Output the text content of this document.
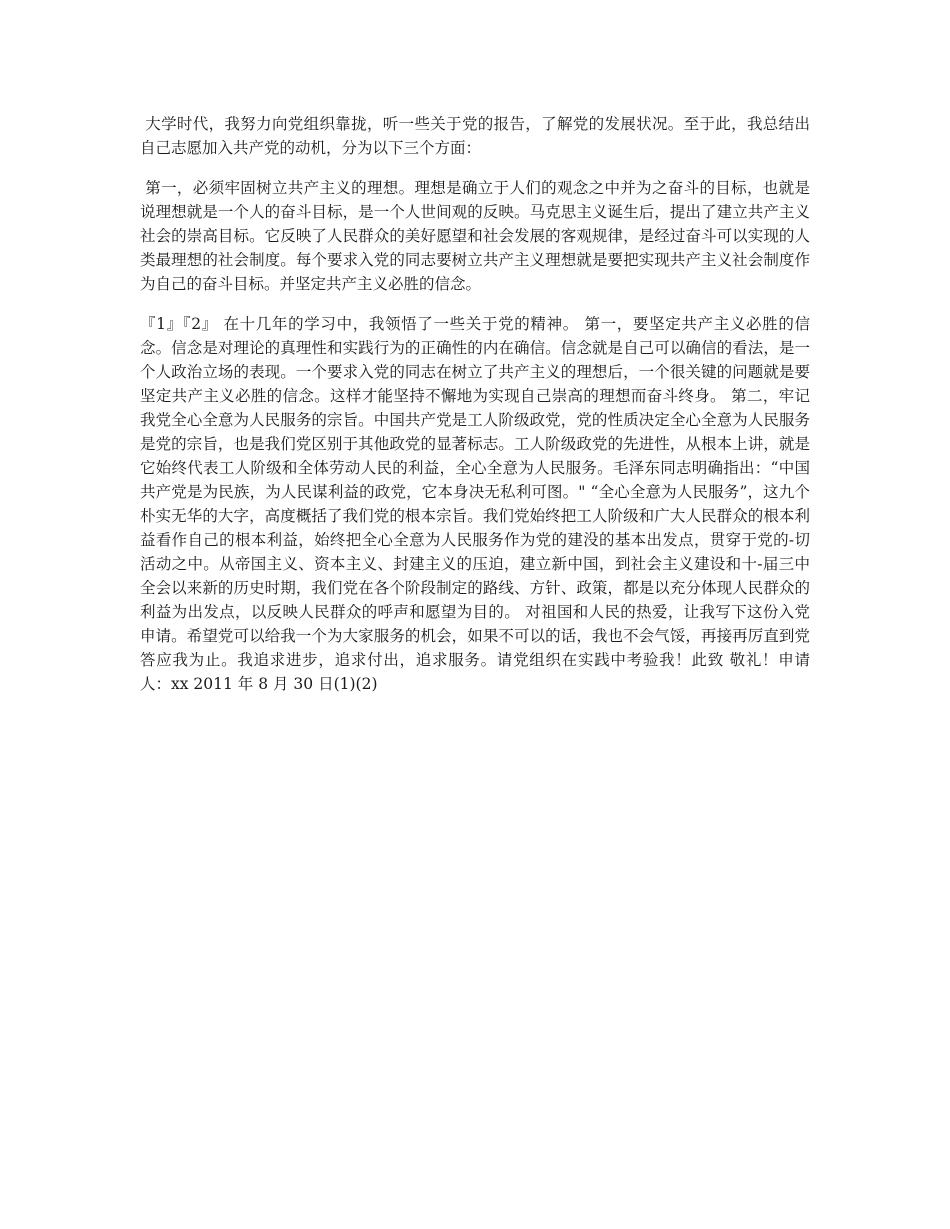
大学时代，我努力向党组织靠拢，听一些关于党的报告，了解党的发展状况。至于此，我总结出自己志愿加入共产党的动机，分为以下三个方面：

第一，必须牢固树立共产主义的理想。理想是确立于人们的观念之中并为之奋斗的目标，也就是说理想就是一个人的奋斗目标，是一个人世间观的反映。马克思主义诞生后，提出了建立共产主义社会的崇高目标。它反映了人民群众的美好愿望和社会发展的客观规律，是经过奋斗可以实现的人类最理想的社会制度。每个要求入党的同志要树立共产主义理想就是要把实现共产主义社会制度作为自己的奋斗目标。并坚定共产主义必胜的信念。

『1』『2』 在十几年的学习中，我领悟了一些关于党的精神。 第一，要坚定共产主义必胜的信念。信念是对理论的真理性和实践行为的正确性的内在确信。信念就是自己可以确信的看法，是一个人政治立场的表现。一个要求入党的同志在树立了共产主义的理想后，一个很关键的问题就是要坚定共产主义必胜的信念。这样才能坚持不懈地为实现自己崇高的理想而奋斗终身。 第二，牢记我党全心全意为人民服务的宗旨。中国共产党是工人阶级政党，党的性质决定全心全意为人民服务是党的宗旨，也是我们党区别于其他政党的显著标志。工人阶级政党的先进性，从根本上讲，就是它始终代表工人阶级和全体劳动人民的利益，全心全意为人民服务。毛泽东同志明确指出：“中国共产党是为民族，为人民谋利益的政党，它本身决无私利可图。" “全心全意为人民服务”，这九个朴实无华的大字，高度概括了我们党的根本宗旨。我们党始终把工人阶级和广大人民群众的根本利益看作自己的根本利益，始终把全心全意为人民服务作为党的建没的基本出发点，贯穿于党的-切活动之中。从帝国主义、资本主义、封建主义的压迫，建立新中国，到社会主义建设和十-届三中全会以来新的历史时期，我们党在各个阶段制定的路线、方针、政策，都是以充分体现人民群众的利益为出发点，以反映人民群众的呼声和愿望为目的。 对祖国和人民的热爱，让我写下这份入党申请。希望党可以给我一个为大家服务的机会，如果不可以的话，我也不会气馁，再接再厉直到党答应我为止。我追求进步，追求付出，追求服务。请党组织在实践中考验我！此致 敬礼！申请人：xx 2011 年 8 月 30 日(1)(2)
